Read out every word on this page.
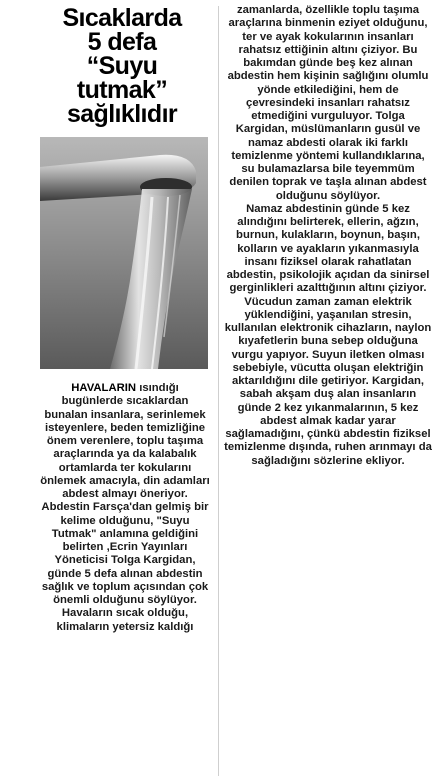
Sıcaklarda
5 defa
“Suyu
tutmak”
sağlıklıdır

HAVALARIN ısındığı bugünlerde sıcaklardan bunalan insanlara, serinlemek isteyenlere, beden temizliğine önem verenlere, toplu taşıma araçlarında ya da kalabalık ortamlarda ter kokularını önlemek amacıyla, din adamları abdest almayı öneriyor. Abdestin Farsça'dan gelmiş bir kelime olduğunu, "Suyu Tutmak" anlamına geldiğini belirten ,Ecrin Yayınları Yöneticisi Tolga Kargidan, günde 5 defa alınan abdestin sağlık ve toplum açısından çok önemli olduğunu söylüyor. Havaların sıcak olduğu, klimaların yetersiz kaldığı

zamanlarda, özellikle toplu taşıma araçlarına binmenin eziyet olduğunu, ter ve ayak kokularının insanları rahatsız ettiğinin altını çiziyor. Bu bakımdan günde beş kez alınan abdestin hem kişinin sağlığını olumlu yönde etkilediğini, hem de çevresindeki insanları rahatsız etmediğini vurguluyor. Tolga Kargidan, müslümanların gusül ve namaz abdesti olarak iki farklı temizlenme yöntemi kullandıklarına, su bulamazlarsa bile teyemmüm denilen toprak ve taşla alınan abdest olduğunu söylüyor.

Namaz abdestinin günde 5 kez alındığını belirterek, ellerin, ağzın, burnun, kulakların, boynun, başın, kolların ve ayakların yıkanmasıyla insanı fiziksel olarak rahatlatan abdestin, psikolojik açıdan da sinirsel gerginlikleri azalttığının altını çiziyor. Vücudun zaman zaman elektrik yüklendiğini, yaşanılan stresin, kullanılan elektronik cihazların, naylon kıyafetlerin buna sebep olduğuna vurgu yapıyor. Suyun iletken olması sebebiyle, vücutta oluşan elektriğin aktarıldığını dile getiriyor. Kargidan, sabah akşam duş alan insanların günde 2 kez yıkanmalarının, 5 kez abdest almak kadar yarar sağlamadığını, çünkü abdestin fiziksel temizlenme dışında, ruhen arınmayı da sağladığını sözlerine ekliyor.
